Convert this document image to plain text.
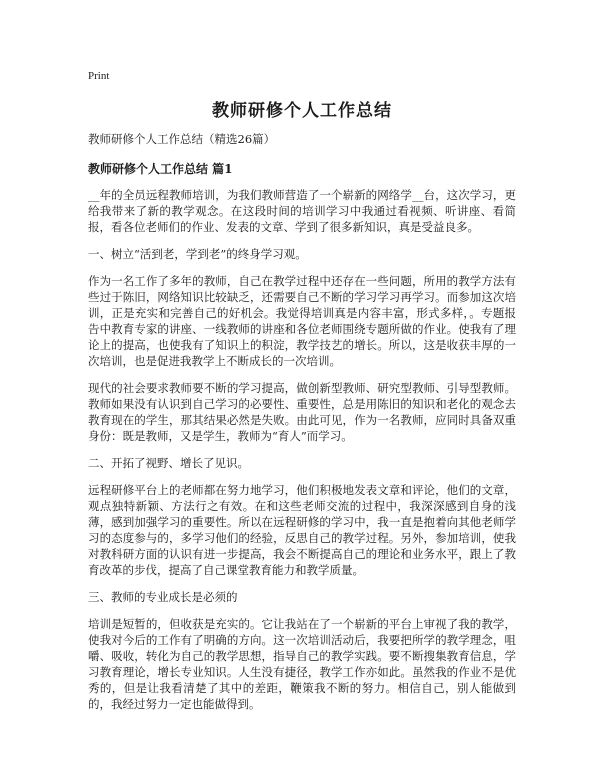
Print
教师研修个人工作总结
教师研修个人工作总结（精选26篇）
教师研修个人工作总结 篇1

__年的全员远程教师培训，为我们教师营造了一个崭新的网络学__台，这次学习，更给我带来了新的教学观念。在这段时间的培训学习中我通过看视频、听讲座、看简报，看各位老师们的作业、发表的文章、学到了很多新知识，真是受益良多。

一、树立“活到老，学到老”的终身学习观。

作为一名工作了多年的教师，自己在教学过程中还存在一些问题，所用的教学方法有些过于陈旧，网络知识比较缺乏，还需要自己不断的学习学习再学习。而参加这次培训，正是充实和完善自己的好机会。我觉得培训真是内容丰富，形式多样，。专题报告中教育专家的讲座、一线教师的讲座和各位老师围绕专题所做的作业。使我有了理论上的提高，也使我有了知识上的积淀，教学技艺的增长。所以，这是收获丰厚的一次培训，也是促进我教学上不断成长的一次培训。

现代的社会要求教师要不断的学习提高，做创新型教师、研究型教师、引导型教师。教师如果没有认识到自己学习的必要性、重要性，总是用陈旧的知识和老化的观念去教育现在的学生，那其结果必然是失败。由此可见，作为一名教师，应同时具备双重身份：既是教师，又是学生，教师为“育人”而学习。

二、开拓了视野、增长了见识。

远程研修平台上的老师都在努力地学习，他们积极地发表文章和评论，他们的文章，观点独特新颖、方法行之有效。在和这些老师交流的过程中，我深深感到自身的浅薄，感到加强学习的重要性。所以在远程研修的学习中，我一直是抱着向其他老师学习的态度参与的，多学习他们的经验，反思自己的教学过程。另外，参加培训，使我对教科研方面的认识有进一步提高，我会不断提高自己的理论和业务水平，跟上了教育改革的步伐，提高了自己课堂教育能力和教学质量。

三、教师的专业成长是必须的

培训是短暂的，但收获是充实的。它让我站在了一个崭新的平台上审视了我的教学，使我对今后的工作有了明确的方向。这一次培训活动后，我要把所学的教学理念，咀嚼、吸收，转化为自己的教学思想，指导自己的教学实践。要不断搜集教育信息，学习教育理论，增长专业知识。人生没有捷径，教学工作亦如此。虽然我的作业不是优秀的，但是让我看清楚了其中的差距，鞭策我不断的努力。相信自己，别人能做到的，我经过努力一定也能做得到。
